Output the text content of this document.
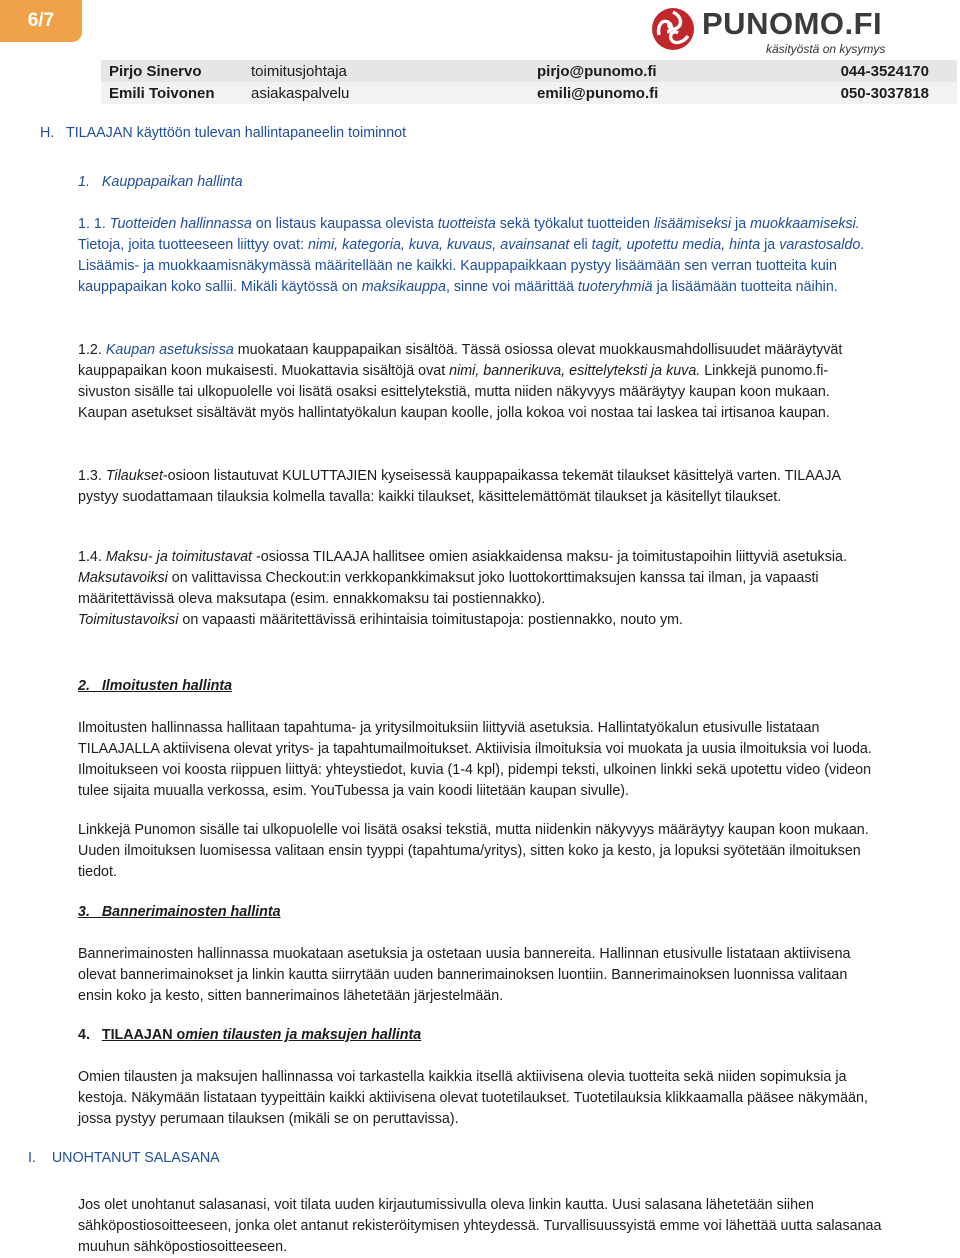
6/7	PUNOMO.FI
käsityöstä on kysymys
Pirjo Sinervo	toimitusjohtaja	pirjo@punomo.fi	044-3524170
Emili Toivonen	asiakaspalvelu	emili@punomo.fi	050-3037818
H.   TILAAJAN käyttöön tulevan hallintapaneelin toiminnot
1.   Kauppapaikan hallinta
1. 1. Tuotteiden hallinnassa on listaus kaupassa olevista tuotteista sekä työkalut tuotteiden lisäämiseksi ja muokkaamiseksi. Tietoja, joita tuotteeseen liittyy ovat: nimi, kategoria, kuva, kuvaus, avainsanat eli tagit, upotettu media, hinta ja varastosaldo. Lisäämis- ja muokkaamisnäkymässä määritellään ne kaikki. Kauppapaikkaan pystyy lisäämään sen verran tuotteita kuin kauppapaikan koko sallii. Mikäli käytössä on maksikauppa, sinne voi määrittää tuoteryhmiä ja lisäämään tuotteita näihin.
1.2. Kaupan asetuksissa muokataan kauppapaikan sisältöä. Tässä osiossa olevat muokkausmahdollisuudet määräytyvät kauppapaikan koon mukaisesti. Muokattavia sisältöjä ovat nimi, bannerikuva, esittelyteksti ja kuva. Linkkejä punomo.fi-sivuston sisälle tai ulkopuolelle voi lisätä osaksi esittelytekstiä, mutta niiden näkyvyys määräytyy kaupan koon mukaan. Kaupan asetukset sisältävät myös hallintatyökalun kaupan koolle, jolla kokoa voi nostaa tai laskea tai irtisanoa kaupan.
1.3. Tilaukset-osioon listautuvat KULUTTAJIEN kyseisessä kauppapaikassa tekemät tilaukset käsittelyä varten. TILAAJA pystyy suodattamaan tilauksia kolmella tavalla: kaikki tilaukset, käsittelemättömät tilaukset ja käsitellyt tilaukset.
1.4. Maksu- ja toimitustavat -osiossa TILAAJA hallitsee omien asiakkaidensa maksu- ja toimitustapoihin liittyviä asetuksia.
Maksutavoiksi on valittavissa Checkout:in verkkopankkimaksut joko luottokorttimaksujen kanssa tai ilman, ja vapaasti määritettävissä oleva maksutapa (esim. ennakkomaksu tai postiennakko).
Toimitustavoiksi on vapaasti määritettävissä erihintaisia toimitustapoja: postiennakko, nouto ym.
2.   Ilmoitusten hallinta
Ilmoitusten hallinnassa hallitaan tapahtuma- ja yritysilmoituksiin liittyviä asetuksia. Hallintatyökalun etusivulle listataan TILAAJALLA aktiivisena olevat yritys- ja tapahtumailmoitukset. Aktiivisia ilmoituksia voi muokata ja uusia ilmoituksia voi luoda. Ilmoitukseen voi koosta riippuen liittyä: yhteystiedot, kuvia (1-4 kpl), pidempi teksti, ulkoinen linkki sekä upotettu video (videon tulee sijaita muualla verkossa, esim. YouTubessa ja vain koodi liitetään kaupan sivulle).
Linkkejä Punomon sisälle tai ulkopuolelle voi lisätä osaksi tekstiä, mutta niidenkin näkyvyys määräytyy kaupan koon mukaan. Uuden ilmoituksen luomisessa valitaan ensin tyyppi (tapahtuma/yritys), sitten koko ja kesto, ja lopuksi syötetään ilmoituksen tiedot.
3.   Bannerimainosten hallinta
Bannerimainosten hallinnassa muokataan asetuksia ja ostetaan uusia bannereita. Hallinnan etusivulle listataan aktiivisena olevat bannerimainokset ja linkin kautta siirrytään uuden bannerimainoksen luontiin. Bannerimainoksen luonnissa valitaan ensin koko ja kesto, sitten bannerimainos lähetetään järjestelmään.
4.   TILAAJAN omien tilausten ja maksujen hallinta
Omien tilausten ja maksujen hallinnassa voi tarkastella kaikkia itsellä aktiivisena olevia tuotteita sekä niiden sopimuksia ja kestoja. Näkymään listataan tyypeittäin kaikki aktiivisena olevat tuotetilaukset. Tuotetilauksia klikkaamalla pääsee näkymään, jossa pystyy perumaan tilauksen (mikäli se on peruttavissa).
I.    UNOHTANUT SALASANA
Jos olet unohtanut salasanasi, voit tilata uuden kirjautumissivulla oleva linkin kautta. Uusi salasana lähetetään siihen sähköpostiosoitteeseen, jonka olet antanut rekisteröitymisen yhteydessä. Turvallisuussyistä emme voi lähettää uutta salasanaa muuhun sähköpostiosoitteeseen.
